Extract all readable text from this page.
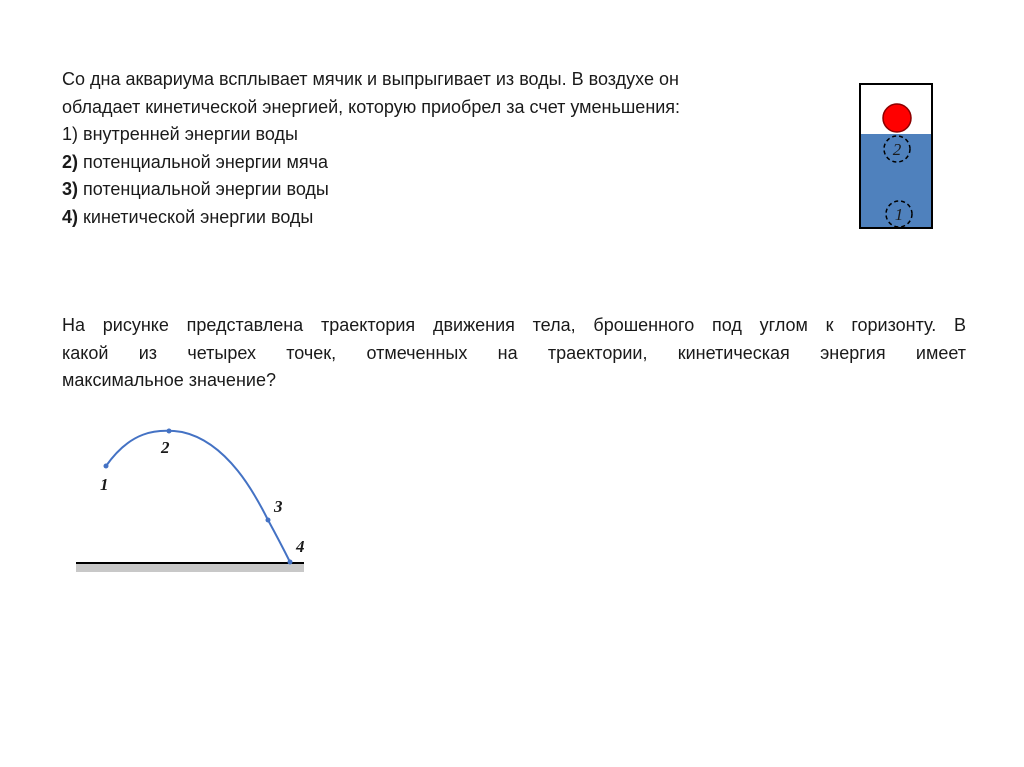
Со дна аквариума всплывает мячик и выпрыгивает из воды. В воздухе он
обладает кинетической энергией, которую приобрел за счет уменьшения:
1) внутренней энергии воды
2) потенциальной энергии мяча
3) потенциальной энергии воды
4) кинетической энергии воды
2
1
На рисунке представлена траектория движения тела, брошенного под углом к горизонту. В
какой из четырех точек, отмеченных на траектории, кинетическая энергия имеет
максимальное значение?
1
2
3
4
